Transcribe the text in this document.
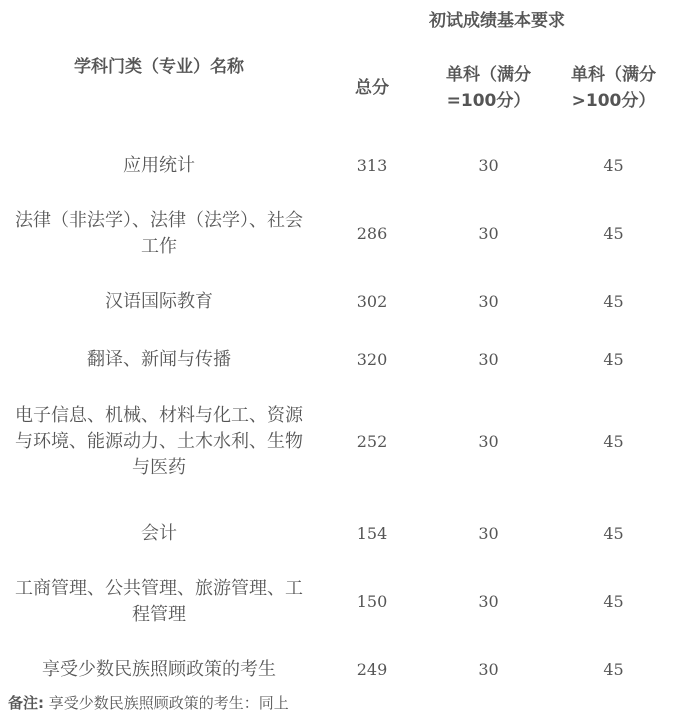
学科门类（专业）名称	初试成绩基本要求		
	总分	单科（满分=100分）	单科（满分>100分）
应用统计	313	30	45
法律（非法学）、法律（法学）、社会工作	286	30	45
汉语国际教育	302	30	45
翻译、新闻与传播	320	30	45
电子信息、机械、材料与化工、资源与环境、能源动力、土木水利、生物与医药	252	30	45
会计	154	30	45
工商管理、公共管理、旅游管理、工程管理	150	30	45
享受少数民族照顾政策的考生	249	30	45
备注: 享受少数民族照顾政策的考生：同上
